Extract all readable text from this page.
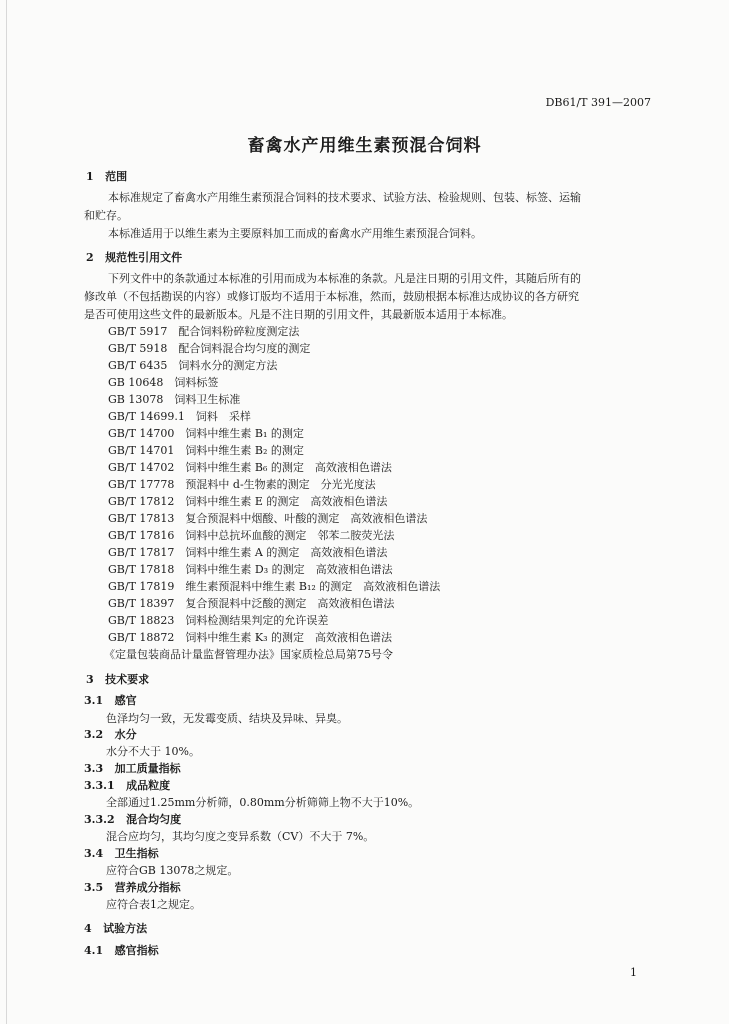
DB61/T 391—2007
畜禽水产用维生素预混合饲料
1 范围
本标准规定了畜禽水产用维生素预混合饲料的技术要求、试验方法、检验规则、包装、标签、运输
和贮存。
本标准适用于以维生素为主要原料加工而成的畜禽水产用维生素预混合饲料。
2 规范性引用文件
下列文件中的条款通过本标准的引用而成为本标准的条款。凡是注日期的引用文件，其随后所有的
修改单（不包括勘误的内容）或修订版均不适用于本标准，然而，鼓励根据本标准达成协议的各方研究
是否可使用这些文件的最新版本。凡是不注日期的引用文件，其最新版本适用于本标准。
GB/T 5917　配合饲料粉碎粒度测定法
GB/T 5918　配合饲料混合均匀度的测定
GB/T 6435　饲料水分的测定方法
GB 10648　饲料标签
GB 13078　饲料卫生标准
GB/T 14699.1　饲料　采样
GB/T 14700　饲料中维生素 B₁ 的测定
GB/T 14701　饲料中维生素 B₂ 的测定
GB/T 14702　饲料中维生素 B₆ 的测定　高效液相色谱法
GB/T 17778　预混料中 d-生物素的测定　分光光度法
GB/T 17812　饲料中维生素 E 的测定　高效液相色谱法
GB/T 17813　复合预混料中烟酸、叶酸的测定　高效液相色谱法
GB/T 17816　饲料中总抗坏血酸的测定　邻苯二胺荧光法
GB/T 17817　饲料中维生素 A 的测定　高效液相色谱法
GB/T 17818　饲料中维生素 D₃ 的测定　高效液相色谱法
GB/T 17819　维生素预混料中维生素 B₁₂ 的测定　高效液相色谱法
GB/T 18397　复合预混料中泛酸的测定　高效液相色谱法
GB/T 18823　饲料检测结果判定的允许误差
GB/T 18872　饲料中维生素 K₃ 的测定　高效液相色谱法
《定量包装商品计量监督管理办法》国家质检总局第75号令
3 技术要求
3.1 感官
色泽均匀一致，无发霉变质、结块及异味、异臭。
3.2 水分
水分不大于 10%。
3.3 加工质量指标
3.3.1 成品粒度
全部通过1.25mm分析筛，0.80mm分析筛筛上物不大于10%。
3.3.2 混合均匀度
混合应均匀，其均匀度之变异系数（CV）不大于 7%。
3.4 卫生指标
应符合GB 13078之规定。
3.5 营养成分指标
应符合表1之规定。
4 试验方法
4.1 感官指标
1
